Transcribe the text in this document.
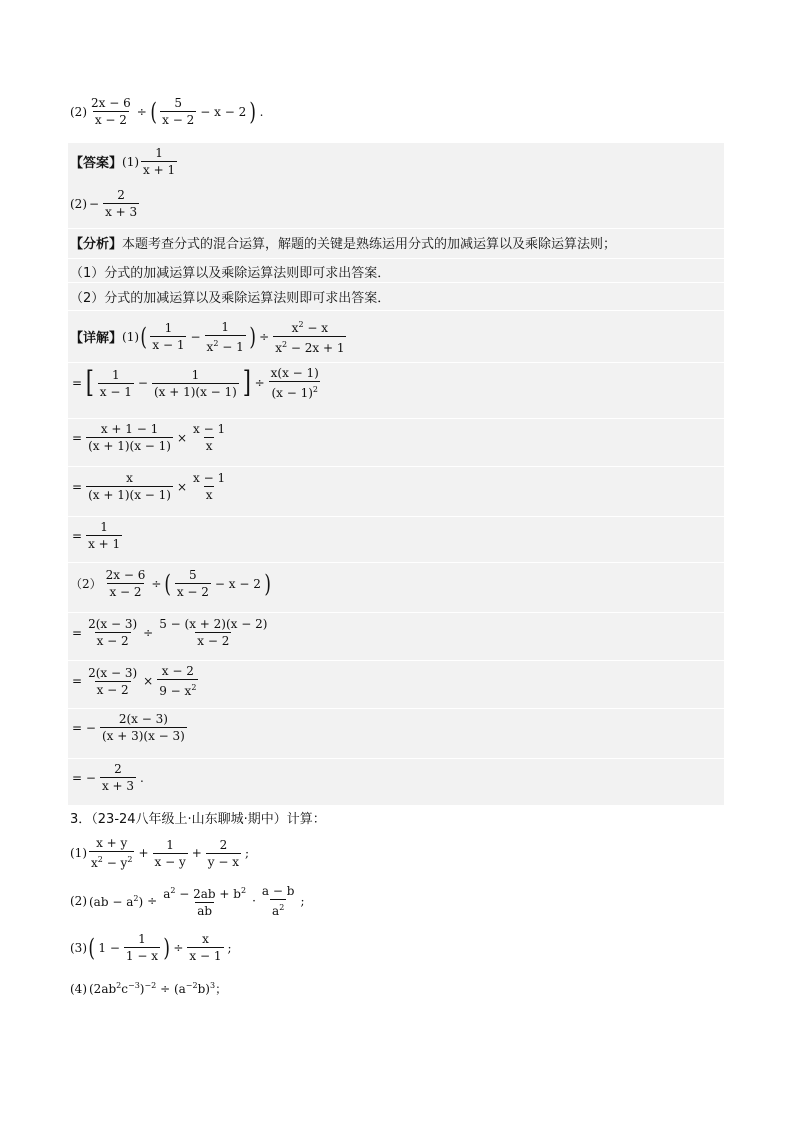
$(2) \frac{2x - 6}{x - 2}$ ÷ ( $\frac{5}{x - 2} - x - 2$ ) .
【答案】 $(1) \frac{1}{x + 1}$
$(2) - \frac{2}{x + 3}$
【分析】 本题考查分式的混合运算，解题的关键是熟练运用分式的加减运算以及乘除运算法则；
（1）分式的加减运算以及乘除运算法则即可求出答案．
（2）分式的加减运算以及乘除运算法则即可求出答案．
【详解】 (1) ( $\frac{1}{x - 1} - \frac{1}{x^2 - 1}$ ) ÷ $\frac{x^2 - x}{x^2 - 2x + 1}$
= [ $\frac{1}{x - 1} - \frac{1}{(x + 1)(x - 1)}$ ] ÷ $\frac{x(x - 1)}{(x - 1)^2}$
= $\frac{x + 1 - 1}{(x + 1)(x - 1)} \times \frac{x - 1}{x}$
= $\frac{x}{(x + 1)(x - 1)} \times \frac{x - 1}{x}$
= $\frac{1}{x + 1}$
$(2) \frac{2x - 6}{x - 2}$ ÷ ( $\frac{5}{x - 2} - x - 2$ )
= $\frac{2(x - 3)}{x - 2} \div \frac{5 - (x + 2)(x - 2)}{x - 2}$
= $\frac{2(x - 3)}{x - 2} \times \frac{x - 2}{9 - x^2}$
= − $\frac{2(x - 3)}{(x + 3)(x - 3)}$
= − $\frac{2}{x + 3}$ .
3．（23-24八年级上·山东聊城·期中）计算：
$(1) \frac{x + y}{x^2 - y^2} + \frac{1}{x - y} + \frac{2}{y - x}$ ;
(2) $(ab - a^2) \div \frac{a^2 - 2ab + b^2}{ab} \cdot \frac{a - b}{a^2}$ ;
(3) ( $1 - \frac{1}{1 - x}$ ) ÷ $\frac{x}{x - 1}$ ;
(4) $(2ab^2c^{-3})^{-2} \div (a^{-2}b)^3$；
